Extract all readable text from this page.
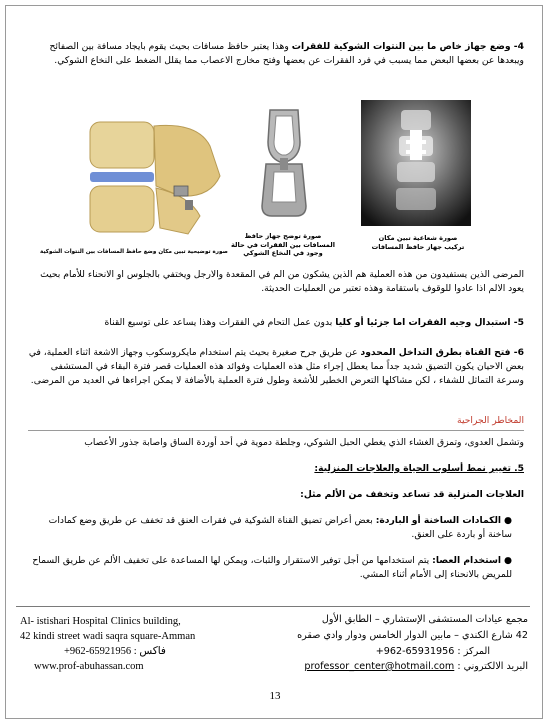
4- وضع جهاز خاص ما بين النتوات الشوكية للفقرات وهذا يعتبر حافظ مسافات بحيث يقوم بايجاد مسافة بين الصفائح ويبعدها عن بعضها البعض مما يسبب في فرد الفقرات عن بعضها وفتح مخارج الاعصاب مما يقلل الضغط على النخاع الشوكي.
صورة شعاعية تبين مكان تركيب جهاز حافظ المسافات
صورة توضح جهاز حافظ المسافات بين الفقرات في حالة وجود في النخاع الشوكي
صورة توضيحية تبين مكان وضع حافظ المسافات بين النتوات الشوكية
المرضى الذين يستفيدون من هذه العملية هم الذين يشكون من الم في المقعدة والارجل ويختفي بالجلوس او الانحناء للأمام بحيث يعود الالم اذا عادوا للوقوف باستقامة وهذه تعتبر من العمليات الحديثة.
5- استبدال وجيه الفقرات اما جزئيا أو كليا بدون عمل التحام في الفقرات وهذا يساعد على توسيع القناة
6- فتح القناة بطرق التداخل المحدود عن طريق جرح صغيرة بحيث يتم استخدام مايكروسكوب وجهاز الاشعة اثناء العملية، في بعض الاحيان يكون التضيق شديد جداً مما يعطل إجراء مثل هذه العمليات وفوائد هذه العمليات قصر فترة البقاء في المستشفى وسرعة التماثل للشفاء ، لكن مشاكلها التعرض الخطير للأشعة وطول فترة العملية بالأضافة لا يمكن اجراءها في العديد من المرضى.
المخاطر الجراحية
وتشمل العدوى، وتمزق الغشاء الذي يغطي الحبل الشوكي، وجلطة دموية في أحد أوردة الساق واصابة جذور الأعصاب
5. تغيير نمط أسلوب الحياة والعلاجات المنزلية:
العلاجات المنزلية قد تساعد وتخفف من الألم مثل:
● الكمادات الساخنة أو الباردة: بعض أعراض تضيق القناة الشوكية في فقرات العنق قد تخفف عن طريق وضع كمادات ساخنة أو باردة على العنق.
● استخدام العصا: يتم استخدامها من أجل توفير الاستقرار والثبات، ويمكن لها المساعدة على تخفيف الألم عن طريق السماح للمريض بالانحناء إلى الأمام أثناء المشي.
Al- istishari Hospital Clinics building,
42 kindi street wadi saqra square-Amman
فاكس : 65921956-962+
www.prof-abuhassan.com
مجمع عيادات المستشفى الإستشاري – الطابق الأول
42 شارع الكندي – مابين الدوار الخامس ودوار وادي صقره
المركز : 65931956-962+
البريد الالكتروني : professor_center@hotmail.com
13
